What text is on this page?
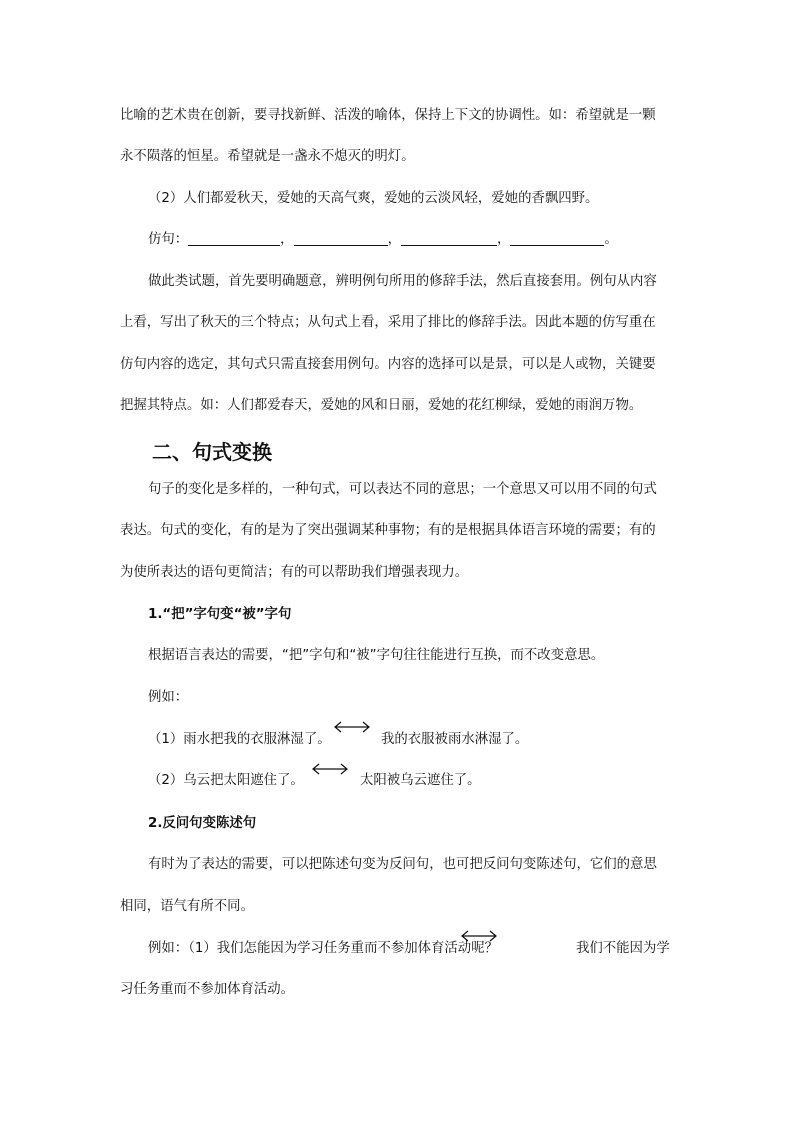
比喻的艺术贵在创新，要寻找新鲜、活泼的喻体，保持上下文的协调性。如：希望就是一颗
永不陨落的恒星。希望就是一盏永不熄灭的明灯。
（2）人们都爱秋天，爱她的天高气爽，爱她的云淡风轻，爱她的香飘四野。
仿句：	，	，	，	。
做此类试题，首先要明确题意，辨明例句所用的修辞手法，然后直接套用。例句从内容
上看，写出了秋天的三个特点；从句式上看，采用了排比的修辞手法。因此本题的仿写重在
仿句内容的选定，其句式只需直接套用例句。内容的选择可以是景，可以是人或物，关键要
把握其特点。如：人们都爱春天，爱她的风和日丽，爱她的花红柳绿，爱她的雨润万物。
二、句式变换
句子的变化是多样的，一种句式，可以表达不同的意思；一个意思又可以用不同的句式
表达。句式的变化，有的是为了突出强调某种事物；有的是根据具体语言环境的需要；有的
为使所表达的语句更简洁；有的可以帮助我们增强表现力。
1.“把”字句变“被”字句
根据语言表达的需要，“把”字句和“被”字句往往能进行互换，而不改变意思。
例如：
（1）雨水把我的衣服淋湿了。	我的衣服被雨水淋湿了。
（2）乌云把太阳遮住了。	太阳被乌云遮住了。
2.反问句变陈述句
有时为了表达的需要，可以把陈述句变为反问句，也可把反问句变陈述句，它们的意思
相同，语气有所不同。
例如：（1）我们怎能因为学习任务重而不参加体育活动呢？	我们不能因为学
习任务重而不参加体育活动。
